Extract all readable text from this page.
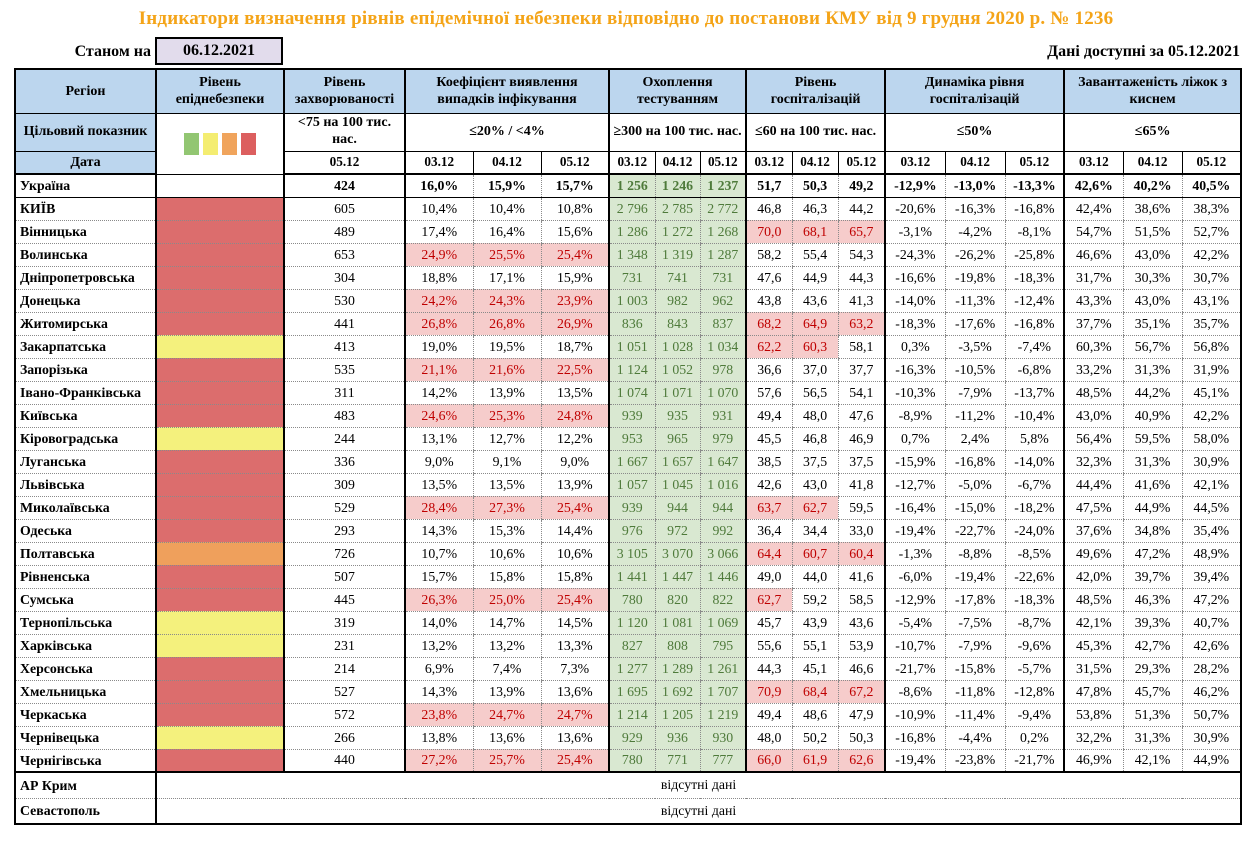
Індикатори визначення рівнів епідемічної небезпеки відповідно до постанови КМУ від 9 грудня 2020 р. № 1236
Станом на	06.12.2021	Дані доступні за 05.12.2021
Регіон	Рівень епіднебезпеки	Рівень захворюваності	Коефіцієнт виявлення випадків інфікування			Охоплення тестуванням			Рівень госпіталізацій			Динаміка рівня госпіталізацій			Завантаженість ліжок з киснем		
Цільовий показник		<75 на 100 тис. нас.	≤20% / <4%			≥300 на 100 тис. нас.			≤60 на 100 тис. нас.			≤50%			≤65%		
Дата		05.12	03.12	04.12	05.12	03.12	04.12	05.12	03.12	04.12	05.12	03.12	04.12	05.12	03.12	04.12	05.12
Україна		424	16,0%	15,9%	15,7%	1 256	1 246	1 237	51,7	50,3	49,2	-12,9%	-13,0%	-13,3%	42,6%	40,2%	40,5%
КИЇВ		605	10,4%	10,4%	10,8%	2 796	2 785	2 772	46,8	46,3	44,2	-20,6%	-16,3%	-16,8%	42,4%	38,6%	38,3%
Вінницька		489	17,4%	16,4%	15,6%	1 286	1 272	1 268	70,0	68,1	65,7	-3,1%	-4,2%	-8,1%	54,7%	51,5%	52,7%
Волинська		653	24,9%	25,5%	25,4%	1 348	1 319	1 287	58,2	55,4	54,3	-24,3%	-26,2%	-25,8%	46,6%	43,0%	42,2%
Дніпропетровська		304	18,8%	17,1%	15,9%	731	741	731	47,6	44,9	44,3	-16,6%	-19,8%	-18,3%	31,7%	30,3%	30,7%
Донецька		530	24,2%	24,3%	23,9%	1 003	982	962	43,8	43,6	41,3	-14,0%	-11,3%	-12,4%	43,3%	43,0%	43,1%
Житомирська		441	26,8%	26,8%	26,9%	836	843	837	68,2	64,9	63,2	-18,3%	-17,6%	-16,8%	37,7%	35,1%	35,7%
Закарпатська		413	19,0%	19,5%	18,7%	1 051	1 028	1 034	62,2	60,3	58,1	0,3%	-3,5%	-7,4%	60,3%	56,7%	56,8%
Запорізька		535	21,1%	21,6%	22,5%	1 124	1 052	978	36,6	37,0	37,7	-16,3%	-10,5%	-6,8%	33,2%	31,3%	31,9%
Івано-Франківська		311	14,2%	13,9%	13,5%	1 074	1 071	1 070	57,6	56,5	54,1	-10,3%	-7,9%	-13,7%	48,5%	44,2%	45,1%
Київська		483	24,6%	25,3%	24,8%	939	935	931	49,4	48,0	47,6	-8,9%	-11,2%	-10,4%	43,0%	40,9%	42,2%
Кіровоградська		244	13,1%	12,7%	12,2%	953	965	979	45,5	46,8	46,9	0,7%	2,4%	5,8%	56,4%	59,5%	58,0%
Луганська		336	9,0%	9,1%	9,0%	1 667	1 657	1 647	38,5	37,5	37,5	-15,9%	-16,8%	-14,0%	32,3%	31,3%	30,9%
Львівська		309	13,5%	13,5%	13,9%	1 057	1 045	1 016	42,6	43,0	41,8	-12,7%	-5,0%	-6,7%	44,4%	41,6%	42,1%
Миколаївська		529	28,4%	27,3%	25,4%	939	944	944	63,7	62,7	59,5	-16,4%	-15,0%	-18,2%	47,5%	44,9%	44,5%
Одеська		293	14,3%	15,3%	14,4%	976	972	992	36,4	34,4	33,0	-19,4%	-22,7%	-24,0%	37,6%	34,8%	35,4%
Полтавська		726	10,7%	10,6%	10,6%	3 105	3 070	3 066	64,4	60,7	60,4	-1,3%	-8,8%	-8,5%	49,6%	47,2%	48,9%
Рівненська		507	15,7%	15,8%	15,8%	1 441	1 447	1 446	49,0	44,0	41,6	-6,0%	-19,4%	-22,6%	42,0%	39,7%	39,4%
Сумська		445	26,3%	25,0%	25,4%	780	820	822	62,7	59,2	58,5	-12,9%	-17,8%	-18,3%	48,5%	46,3%	47,2%
Тернопільська		319	14,0%	14,7%	14,5%	1 120	1 081	1 069	45,7	43,9	43,6	-5,4%	-7,5%	-8,7%	42,1%	39,3%	40,7%
Харківська		231	13,2%	13,2%	13,3%	827	808	795	55,6	55,1	53,9	-10,7%	-7,9%	-9,6%	45,3%	42,7%	42,6%
Херсонська		214	6,9%	7,4%	7,3%	1 277	1 289	1 261	44,3	45,1	46,6	-21,7%	-15,8%	-5,7%	31,5%	29,3%	28,2%
Хмельницька		527	14,3%	13,9%	13,6%	1 695	1 692	1 707	70,9	68,4	67,2	-8,6%	-11,8%	-12,8%	47,8%	45,7%	46,2%
Черкаська		572	23,8%	24,7%	24,7%	1 214	1 205	1 219	49,4	48,6	47,9	-10,9%	-11,4%	-9,4%	53,8%	51,3%	50,7%
Чернівецька		266	13,8%	13,6%	13,6%	929	936	930	48,0	50,2	50,3	-16,8%	-4,4%	0,2%	32,2%	31,3%	30,9%
Чернігівська		440	27,2%	25,7%	25,4%	780	771	777	66,0	61,9	62,6	-19,4%	-23,8%	-21,7%	46,9%	42,1%	44,9%
АР Крим	відсутні дані																
Севастополь	відсутні дані																
